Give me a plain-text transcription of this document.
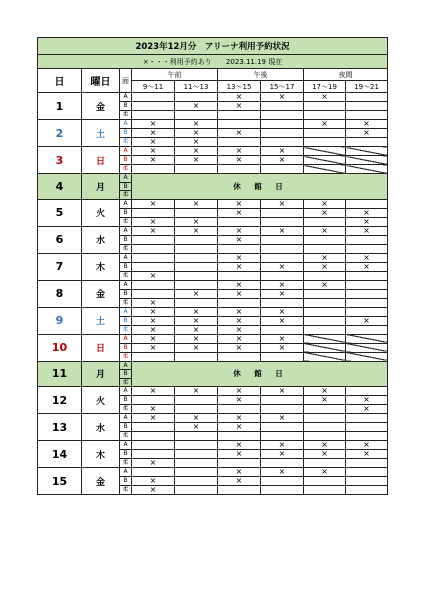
2023年12月分　アリーナ利用予約状況								
×・・・利用予約あり 2023.11.19 現在								
日	曜日	面	午前		午後		夜間	
			9～11	11～13	13～15	15～17	17～19	19～21
1	金	A			×	×	×	
		B		×	×			
		柔						
2	土	A	×	×			×	×
		B	×	×	×			×
		柔	×	×				
3	日	A	×	×	×	×		
		B	×	×	×	×		
		柔						
4	月	A	休　館　日					
		B						
		柔						
5	火	A	×	×	×	×	×	
		B			×		×	×
		柔	×	×				×
6	水	A	×	×	×	×	×	×
		B			×			
		柔						
7	木	A			×		×	×
		B			×	×	×	×
		柔	×					
8	金	A			×	×	×	
		B		×	×	×		
		柔	×					
9	土	A	×	×	×	×		
		B	×	×	×	×		×
		柔	×	×	×			
10	日	A	×	×	×	×		
		B	×	×	×	×		
		柔						
11	月	A	休　館　日					
		B						
		柔						
12	火	A	×	×	×	×	×	
		B			×		×	×
		柔	×					×
13	水	A	×	×	×	×		
		B		×	×			
		柔						
14	木	A			×	×	×	×
		B			×	×	×	×
		柔	×					
15	金	A			×	×	×	
		B	×		×			
		柔	×					
